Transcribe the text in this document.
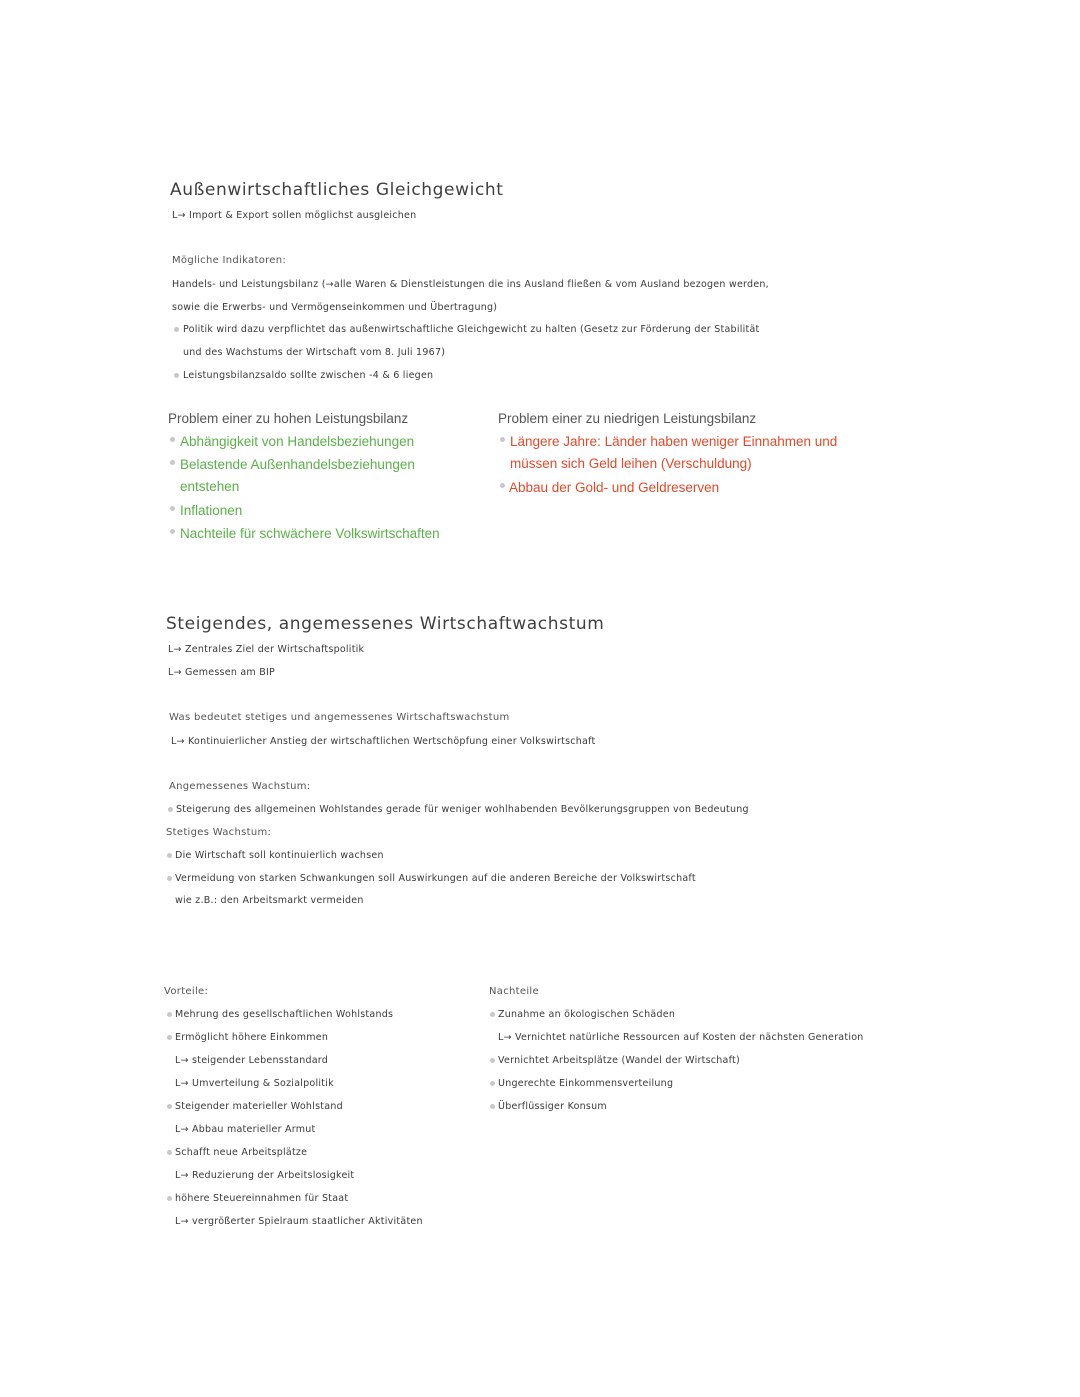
Außenwirtschaftliches Gleichgewicht
L→ Import & Export sollen möglichst ausgleichen
Mögliche Indikatoren:
Handels- und Leistungsbilanz (→alle Waren & Dienstleistungen die ins Ausland fließen & vom Ausland bezogen werden,
sowie die Erwerbs- und Vermögenseinkommen und Übertragung)
Politik wird dazu verpflichtet das außenwirtschaftliche Gleichgewicht zu halten (Gesetz zur Förderung der Stabilität
und des Wachstums der Wirtschaft vom 8. Juli 1967)
Leistungsbilanzsaldo sollte zwischen -4 & 6 liegen
Problem einer zu hohen Leistungsbilanz
Abhängigkeit von Handelsbeziehungen
Belastende Außenhandelsbeziehungen
entstehen
Inflationen
Nachteile für schwächere Volkswirtschaften
Problem einer zu niedrigen Leistungsbilanz
Längere Jahre: Länder haben weniger Einnahmen und
müssen sich Geld leihen (Verschuldung)
Abbau der Gold- und Geldreserven
Steigendes, angemessenes Wirtschaftwachstum
L→ Zentrales Ziel der Wirtschaftspolitik
L→ Gemessen am BIP
Was bedeutet stetiges und angemessenes Wirtschaftswachstum
L→ Kontinuierlicher Anstieg der wirtschaftlichen Wertschöpfung einer Volkswirtschaft
Angemessenes Wachstum:
Steigerung des allgemeinen Wohlstandes gerade für weniger wohlhabenden Bevölkerungsgruppen von Bedeutung
Stetiges Wachstum:
Die Wirtschaft soll kontinuierlich wachsen
Vermeidung von starken Schwankungen soll Auswirkungen auf die anderen Bereiche der Volkswirtschaft
wie z.B.: den Arbeitsmarkt vermeiden
Vorteile:
Mehrung des gesellschaftlichen Wohlstands
Ermöglicht höhere Einkommen
L→ steigender Lebensstandard
L→ Umverteilung & Sozialpolitik
Steigender materieller Wohlstand
L→ Abbau materieller Armut
Schafft neue Arbeitsplätze
L→ Reduzierung der Arbeitslosigkeit
höhere Steuereinnahmen für Staat
L→ vergrößerter Spielraum staatlicher Aktivitäten
Nachteile
Zunahme an ökologischen Schäden
L→ Vernichtet natürliche Ressourcen auf Kosten der nächsten Generation
Vernichtet Arbeitsplätze (Wandel der Wirtschaft)
Ungerechte Einkommensverteilung
Überflüssiger Konsum
